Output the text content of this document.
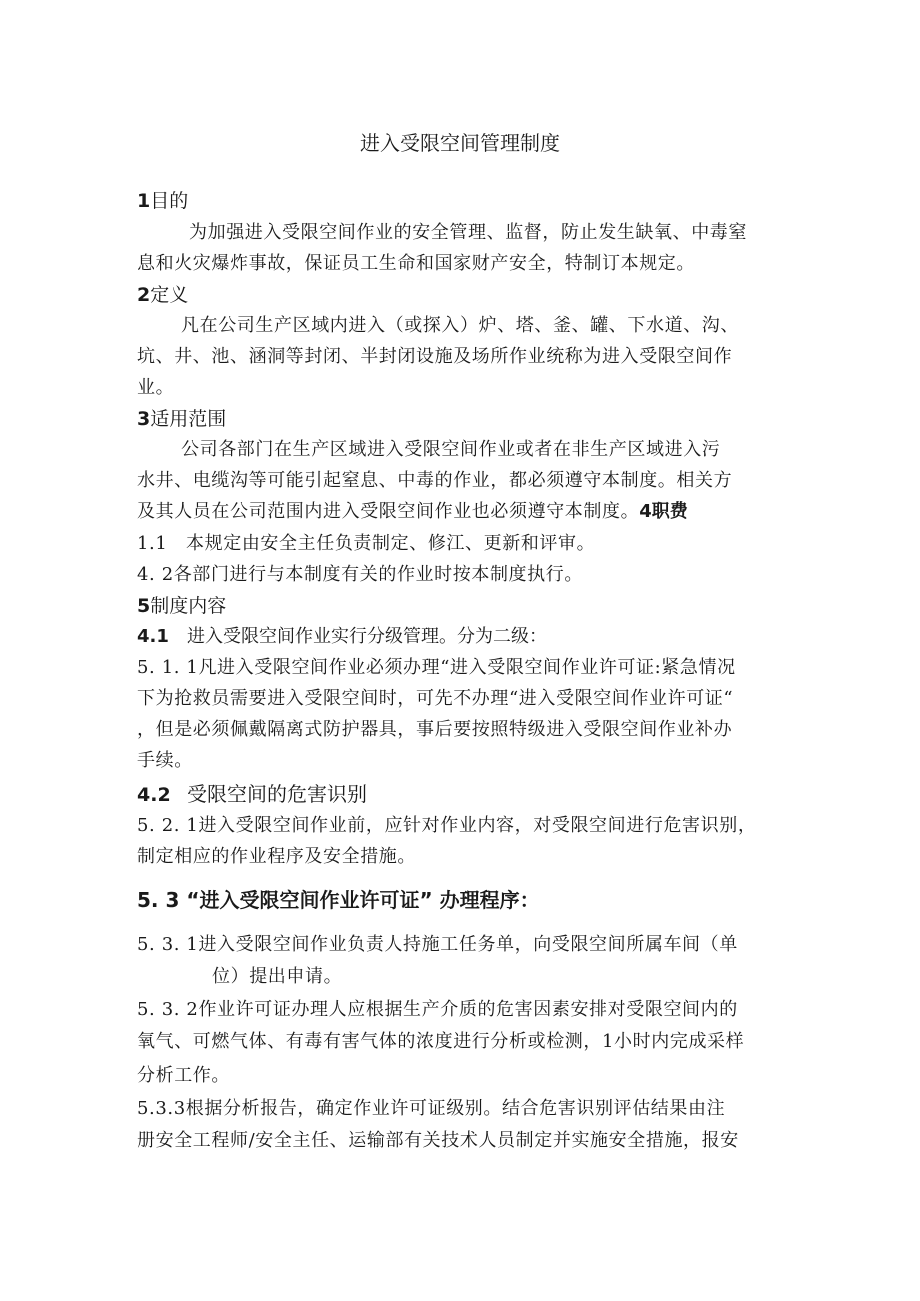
进入受限空间管理制度
1目的
为加强进入受限空间作业的安全管理、监督，防止发生缺氧、中毒窒
息和火灾爆炸事故，保证员工生命和国家财产安全，特制订本规定。
2定义
凡在公司生产区域内进入（或探入）炉、塔、釜、罐、下水道、沟、
坑、井、池、涵洞等封闭、半封闭设施及场所作业统称为进入受限空间作
业。
3适用范围
公司各部门在生产区域进入受限空间作业或者在非生产区域进入污
水井、电缆沟等可能引起窒息、中毒的作业，都必须遵守本制度。相关方
及其人员在公司范围内进入受限空间作业也必须遵守本制度。4职费
1.1　本规定由安全主任负责制定、修江、更新和评审。
4. 2各部门进行与本制度有关的作业时按本制度执行。
5制度内容
4.1 进入受限空间作业实行分级管理。分为二级：
5. 1. 1凡进入受限空间作业必须办理“进入受限空间作业许可证:紧急情况
下为抢救员需要进入受限空间时，可先不办理“进入受限空间作业许可证“
，但是必须佩戴隔离式防护器具，事后要按照特级进入受限空间作业补办
手续。
4.2 受限空间的危害识别
5. 2. 1进入受限空间作业前，应针对作业内容，对受限空间进行危害识别，
制定相应的作业程序及安全措施。
5. 3 “进入受限空间作业许可证” 办理程序：
5. 3. 1进入受限空间作业负责人持施工任务单，向受限空间所属车间（单
位）提出申请。
5. 3. 2作业许可证办理人应根据生产介质的危害因素安排对受限空间内的
氧气、可燃气体、有毒有害气体的浓度进行分析或检测，1小时内完成采样
分析工作。
5.3.3根据分析报告，确定作业许可证级别。结合危害识别评估结果由注
册安全工程师/安全主任、运输部有关技术人员制定并实施安全措施，报安
